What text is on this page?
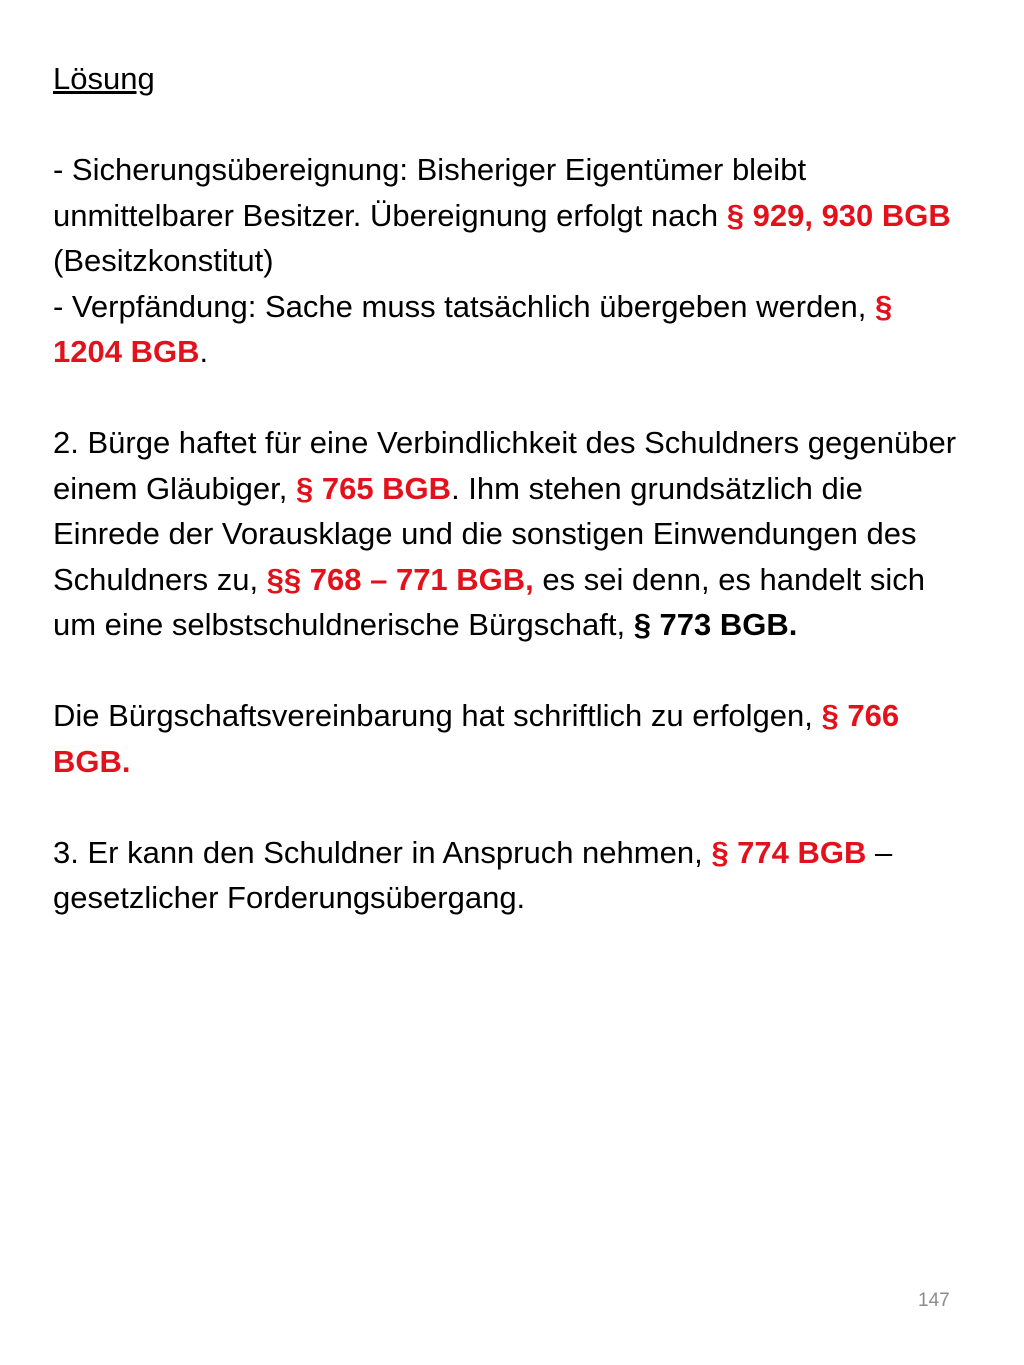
Lösung

- Sicherungsübereignung: Bisheriger Eigentümer bleibt unmittelbarer Besitzer. Übereignung erfolgt nach § 929, 930 BGB (Besitzkonstitut)

- Verpfändung: Sache muss tatsächlich übergeben werden, § 1204 BGB.

2. Bürge haftet für eine Verbindlichkeit des Schuldners gegenüber einem Gläubiger, § 765 BGB. Ihm stehen grundsätzlich die Einrede der Vorausklage und die sonstigen Einwendungen des Schuldners zu, §§ 768 – 771 BGB, es sei denn, es handelt sich um eine selbstschuldnerische Bürgschaft, § 773 BGB.

Die Bürgschaftsvereinbarung hat schriftlich zu erfolgen, § 766 BGB.

3. Er kann den Schuldner in Anspruch nehmen, § 774 BGB – gesetzlicher Forderungsübergang.

147
